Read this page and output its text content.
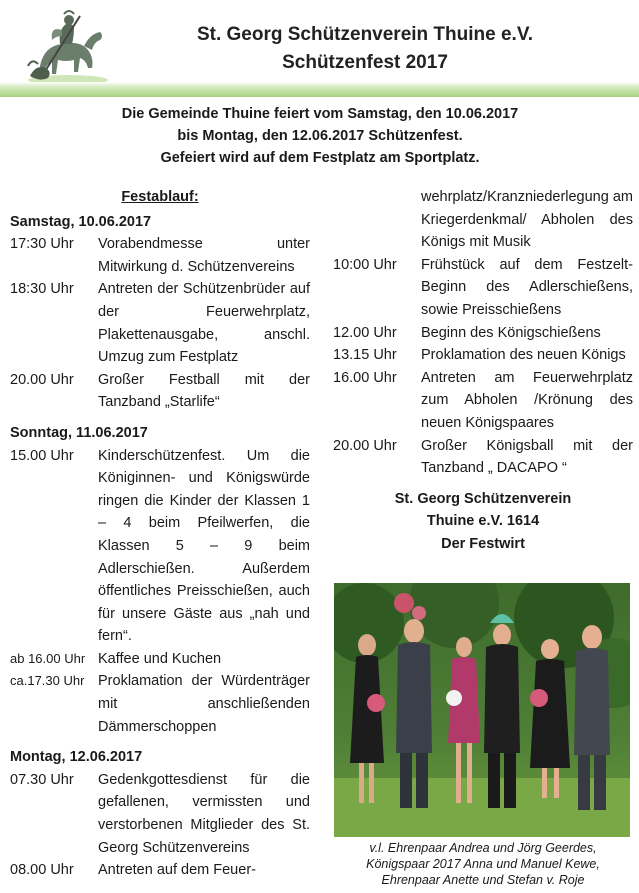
St. Georg Schützenverein Thuine e.V.
Schützenfest 2017
Die Gemeinde Thuine feiert vom Samstag, den 10.06.2017
bis Montag, den 12.06.2017 Schützenfest.
Gefeiert wird auf dem Festplatz am Sportplatz.
Festablauf:
Samstag, 10.06.2017
17:30 Uhr	Vorabendmesse unter Mitwirkung d. Schützenvereins
18:30 Uhr	Antreten der Schützenbrüder auf der Feuerwehrplatz, Plakettenausgabe, anschl. Umzug zum Festplatz
20.00 Uhr	Großer Festball mit der Tanzband „Starlife“
Sonntag, 11.06.2017
15.00 Uhr	Kinderschützenfest. Um die Königinnen- und Königswürde ringen die Kinder der Klassen 1 – 4 beim Pfeilwerfen, die Klassen 5 – 9 beim Adlerschießen. Außerdem öffentliches Preisschießen, auch für unsere Gäste aus „nah und fern“.
ab 16.00 Uhr Kaffee und Kuchen
ca.17.30 Uhr Proklamation der Würdenträger mit anschließenden Dämmerschoppen
Montag, 12.06.2017
07.30 Uhr	Gedenkgottesdienst für die gefallenen, vermissten und verstorbenen Mitglieder des St. Georg Schützenvereins
08.00 Uhr	Antreten auf dem Feuer-
wehrplatz/Kranzniederlegung am Kriegerdenkmal/ Abholen des Königs mit Musik
10:00 Uhr	Frühstück auf dem Festzelt- Beginn des Adlerschießens, sowie Preisschießens
12.00 Uhr	Beginn des Königschießens
13.15 Uhr	Proklamation des neuen Königs
16.00 Uhr	Antreten am Feuerwehrplatz zum Abholen /Krönung des neuen Königspaares
20.00 Uhr	Großer Königsball mit der Tanzband „ DACAPO “
St. Georg Schützenverein
Thuine e.V. 1614
Der Festwirt
v.l. Ehrenpaar Andrea und Jörg Geerdes,
Königspaar 2017 Anna und Manuel Kewe,
Ehrenpaar Anette und Stefan v. Roje
